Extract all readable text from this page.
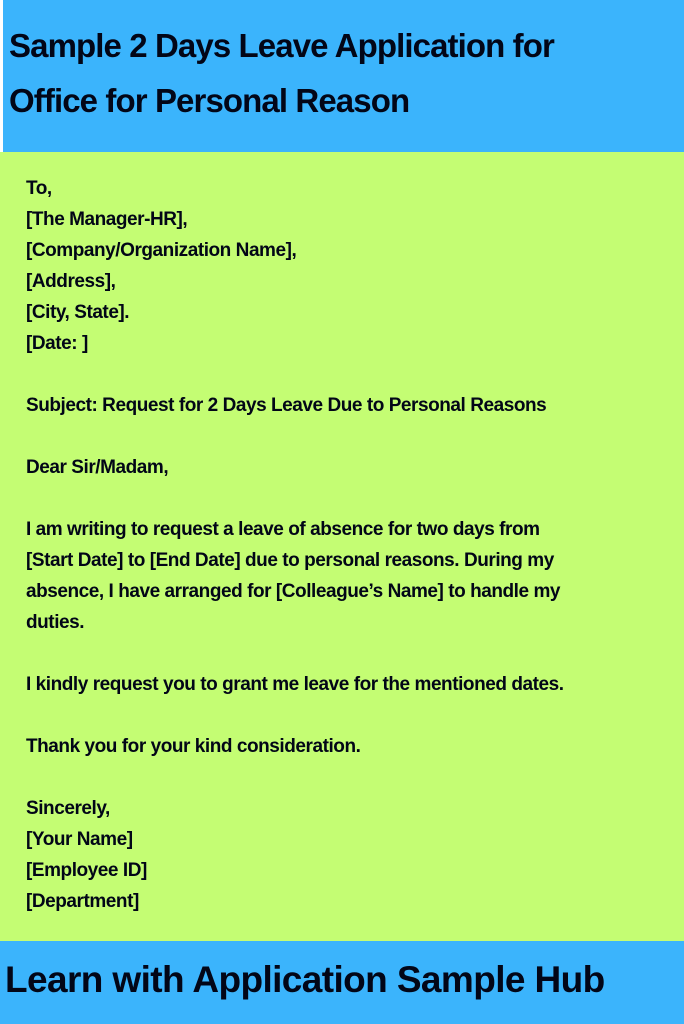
Sample 2 Days Leave Application for
Office for Personal Reason
To,
[The Manager-HR],
[Company/Organization Name],
[Address],
[City, State].
[Date: ]
Subject: Request for 2 Days Leave Due to Personal Reasons
Dear Sir/Madam,
I am writing to request a leave of absence for two days from
[Start Date] to [End Date] due to personal reasons. During my
absence, I have arranged for [Colleague’s Name] to handle my
duties.
I kindly request you to grant me leave for the mentioned dates.
Thank you for your kind consideration.
Sincerely,
[Your Name]
[Employee ID]
[Department]
Learn with Application Sample Hub
